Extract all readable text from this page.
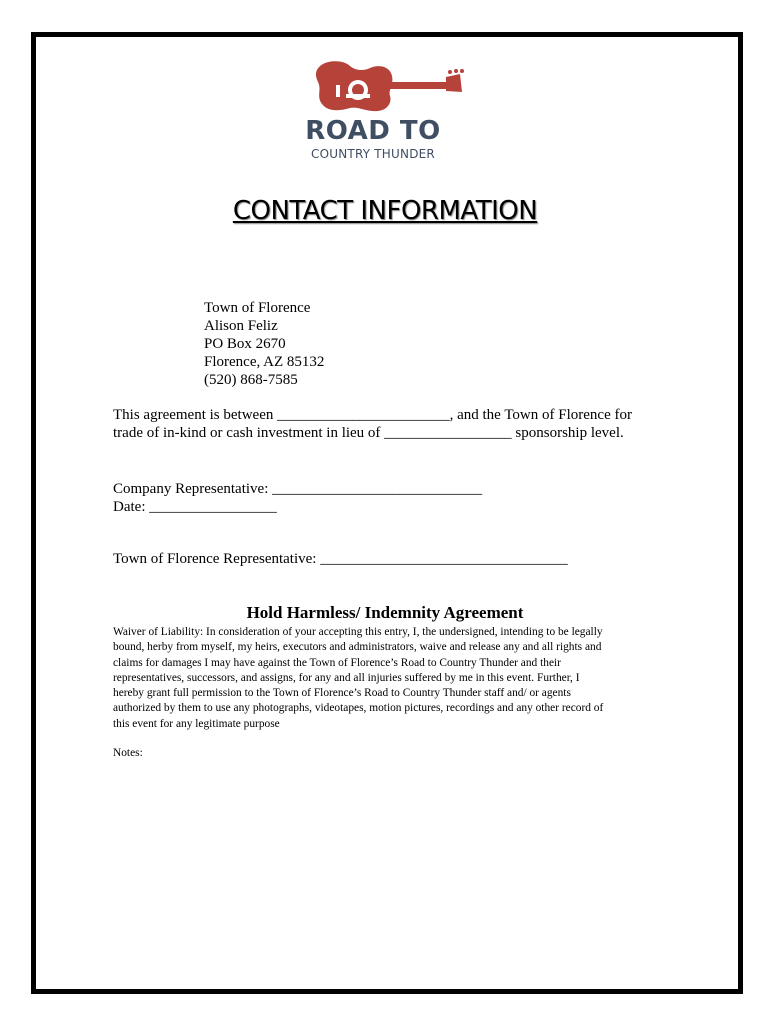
ROAD TO
COUNTRY THUNDER
CONTACT INFORMATION
Town of Florence
Alison Feliz
PO Box 2670
Florence, AZ 85132
(520) 868-7585
This agreement is between _______________________, and the Town of Florence for
trade of in-kind or cash investment in lieu of _________________ sponsorship level.
Company Representative: ____________________________
Date: _________________
Town of Florence Representative: _________________________________
Hold Harmless/ Indemnity Agreement
Waiver of Liability: In consideration of your accepting this entry, I, the undersigned, intending to be legally
bound, herby from myself, my heirs, executors and administrators, waive and release any and all rights and
claims for damages I may have against the Town of Florence’s Road to Country Thunder and their
representatives, successors, and assigns, for any and all injuries suffered by me in this event. Further, I
hereby grant full permission to the Town of Florence’s Road to Country Thunder staff and/ or agents
authorized by them to use any photographs, videotapes, motion pictures, recordings and any other record of
this event for any legitimate purpose
Notes:
